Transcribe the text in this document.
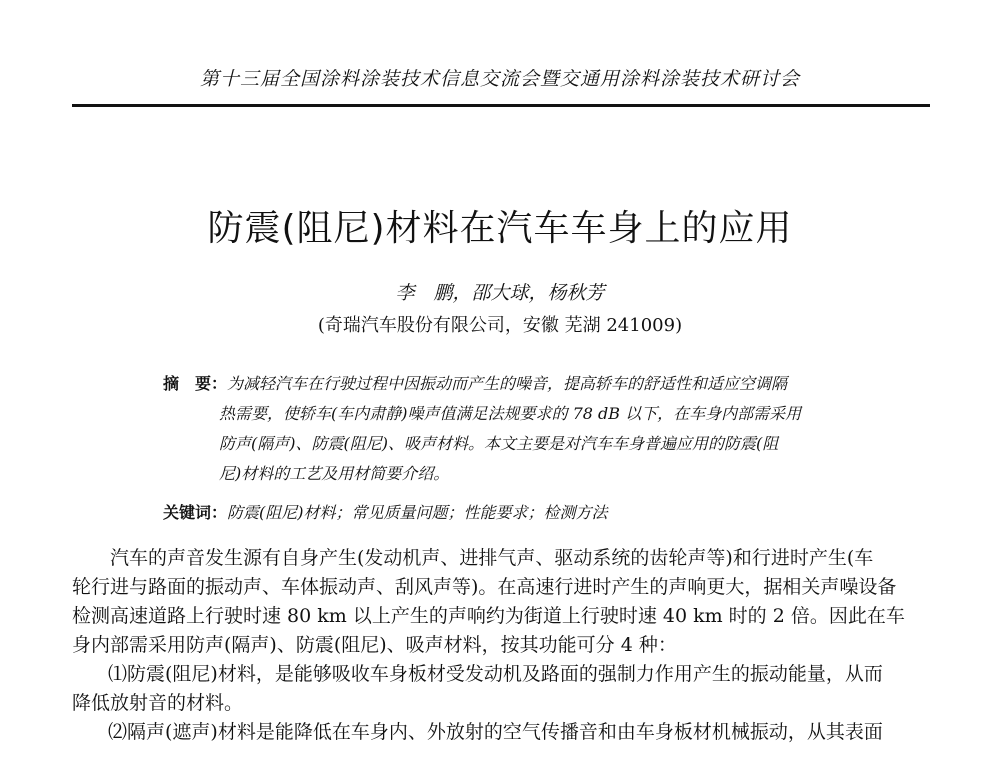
第十三届全国涂料涂装技术信息交流会暨交通用涂料涂装技术研讨会
防震(阻尼)材料在汽车车身上的应用
李　鹏，邵大球，杨秋芳
(奇瑞汽车股份有限公司，安徽 芜湖 241009)
摘　要：为减轻汽车在行驶过程中因振动而产生的噪音，提高轿车的舒适性和适应空调隔
热需要，使轿车(车内肃静)噪声值满足法规要求的 78 dB 以下，在车身内部需采用
防声(隔声)、防震(阻尼)、吸声材料。本文主要是对汽车车身普遍应用的防震(阻
尼)材料的工艺及用材简要介绍。
关键词：防震(阻尼)材料；常见质量问题；性能要求；检测方法
汽车的声音发生源有自身产生(发动机声、进排气声、驱动系统的齿轮声等)和行进时产生(车
轮行进与路面的振动声、车体振动声、刮风声等)。在高速行进时产生的声响更大，据相关声噪设备
检测高速道路上行驶时速 80 km 以上产生的声响约为街道上行驶时速 40 km 时的 2 倍。因此在车
身内部需采用防声(隔声)、防震(阻尼)、吸声材料，按其功能可分 4 种：
⑴防震(阻尼)材料，是能够吸收车身板材受发动机及路面的强制力作用产生的振动能量，从而
降低放射音的材料。
⑵隔声(遮声)材料是能降低在车身内、外放射的空气传播音和由车身板材机械振动，从其表面
